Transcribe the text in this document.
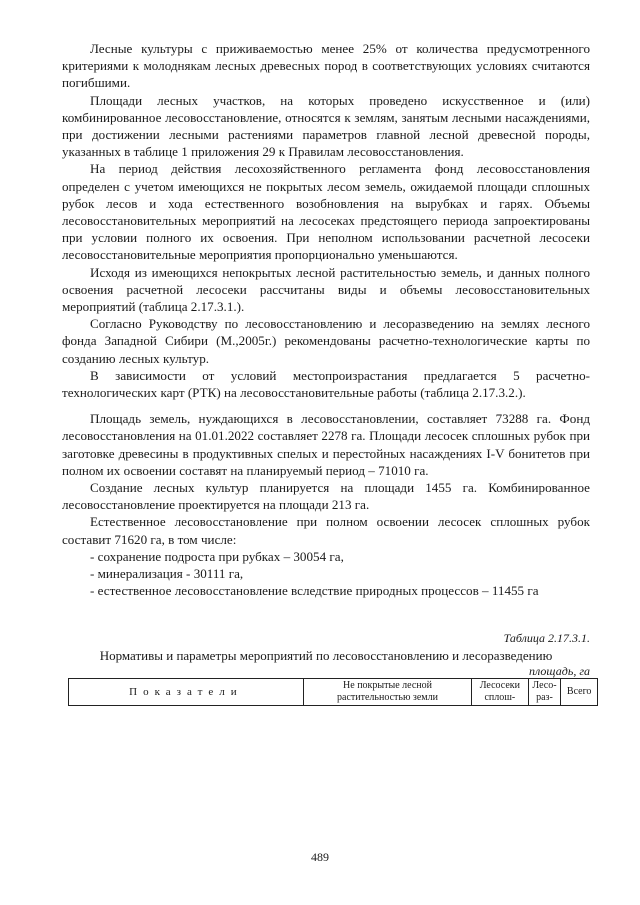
Лесные культуры с приживаемостью менее 25% от количества предусмотренного критериями к молоднякам лесных древесных пород в соответствующих условиях считаются погибшими.

Площади лесных участков, на которых проведено искусственное и (или) комбинированное лесовосстановление, относятся к землям, занятым лесными насаждениями, при достижении лесными растениями параметров главной лесной древесной породы, указанных в таблице 1 приложения 29 к Правилам лесовосстановления.

На период действия лесохозяйственного регламента фонд лесовосстановления определен с учетом имеющихся не покрытых лесом земель, ожидаемой площади сплошных рубок лесов и хода естественного возобновления на вырубках и гарях. Объемы лесовосстановительных мероприятий на лесосеках предстоящего периода запроектированы при условии полного их освоения. При неполном использовании расчетной лесосеки лесовосстановительные мероприятия пропорционально уменьшаются.

Исходя из имеющихся непокрытых лесной растительностью земель, и данных полного освоения расчетной лесосеки рассчитаны виды и объемы лесовосстановительных мероприятий (таблица 2.17.3.1.).

Согласно Руководству по лесовосстановлению и лесоразведению на землях лесного фонда Западной Сибири (М.,2005г.) рекомендованы расчетно-технологические карты по созданию лесных культур.

В зависимости от условий местопроизрастания предлагается 5 расчетно-технологических карт (РТК) на лесовосстановительные работы (таблица 2.17.3.2.).

Площадь земель, нуждающихся в лесовосстановлении, составляет 73288 га. Фонд лесовосстановления на 01.01.2022 составляет 2278 га. Площади лесосек сплошных рубок при заготовке древесины в продуктивных спелых и перестойных насаждениях I-V бонитетов при полном их освоении составят на планируемый период – 71010 га.

Создание лесных культур планируется на площади 1455 га. Комбинированное лесовосстановление проектируется на площади 213 га.

Естественное лесовосстановление при полном освоении лесосек сплошных рубок составит 71620 га, в том числе:

- сохранение подроста при рубках – 30054 га,

- минерализация - 30111 га,

- естественное лесовосстановление вследствие природных процессов – 11455 га

Таблица 2.17.3.1.

Нормативы и параметры мероприятий по лесовосстановлению и лесоразведению

площадь, га

Показатели	Не покрытые лесной растительностью земли	Лесосеки сплош-	Лесо-раз-	Всего
489
